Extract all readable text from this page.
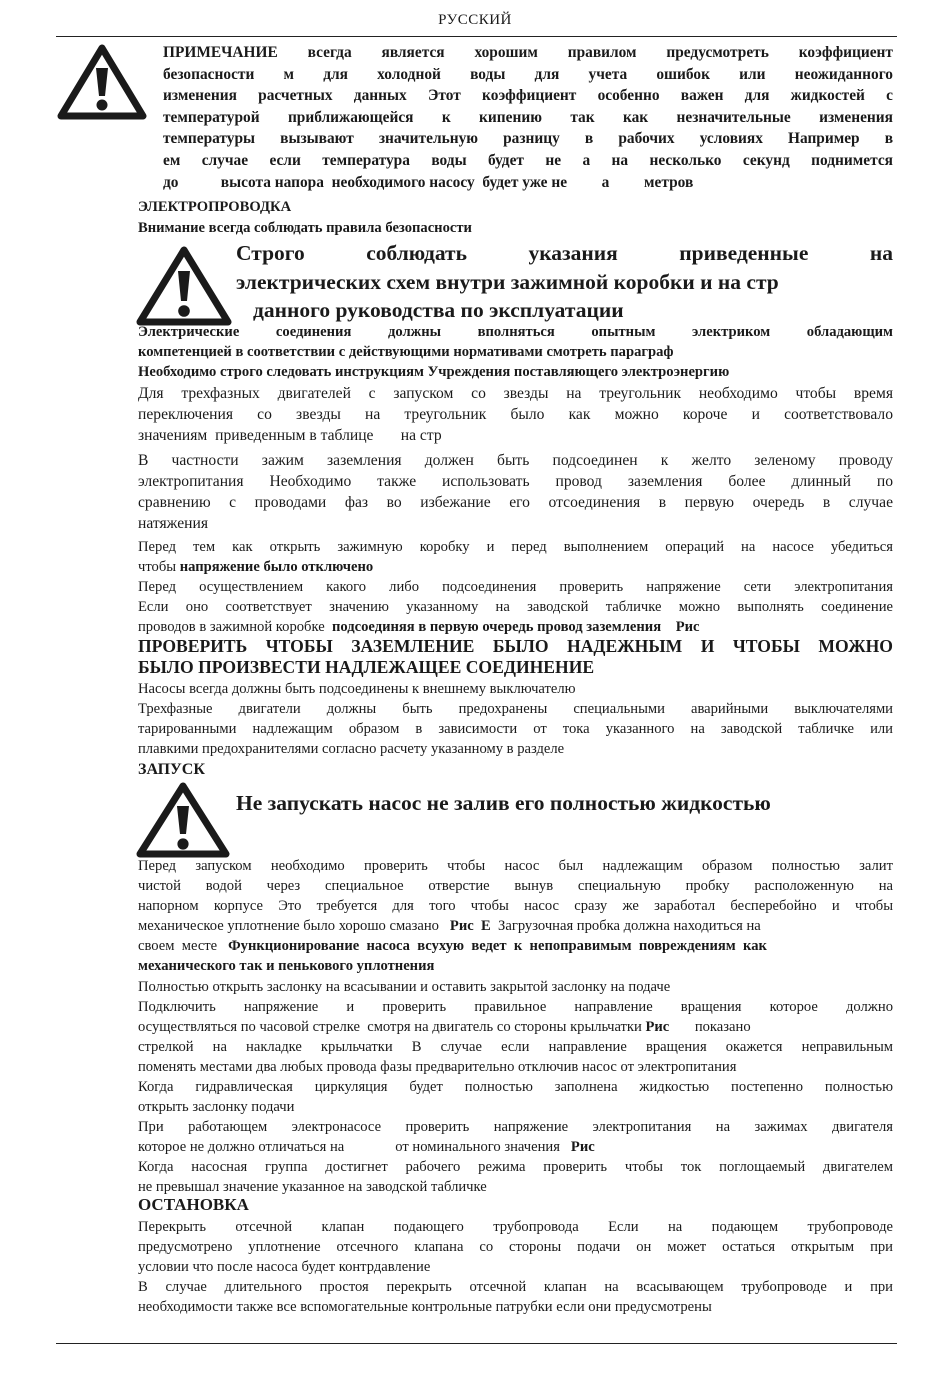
РУССКИЙ
ПРИМЕЧАНИЕ всегда является хорошим правилом предусмотреть коэффициент
безопасности м для холодной воды для учета ошибок или неожиданного
изменения расчетных данных Этот коэффициент особенно важен для жидкостей с
температурой приближающейся к кипению так как незначительные изменения
температуры вызывают значительную разницу в рабочих условиях Например в
ем случае если температура воды будет не а на несколько секунд поднимется
до           высота напора  необходимого насосу  будет уже не         а         метров
ЭЛЕКТРОПРОВОДКА
Внимание всегда соблюдать правила безопасности
Строго соблюдать указания приведенные на
электрических схем внутри зажимной коробки и на стр
данного руководства по эксплуатации
Электрические соединения должны вполняться опытным электриком обладающим
компетенцией в соответствии с действующими нормативами смотреть параграф
Необходимо строго следовать инструкциям Учреждения поставляющего электроэнергию
Для трехфазных двигателей с запуском со звезды на треугольник необходимо чтобы время
переключения со звезды на треугольник было как можно короче и соответствовало
значениям  приведенным в таблице       на стр
В частности зажим заземления должен быть подсоединен к желто зеленому проводу
электропитания Необходимо также использовать провод заземления более длинный по
сравнению с проводами фаз во избежание его отсоединения в первую очередь в случае
натяжения
Перед тем как открыть зажимную коробку и перед выполнением операций на насосе убедиться
чтобы напряжение было отключено
Перед осуществлением какого либо подсоединения проверить напряжение сети электропитания
Если оно соответствует значению указанному на заводской табличке можно выполнять соединение
проводов в зажимной коробке  подсоединяя в первую очередь провод заземления    Рис
ПРОВЕРИТЬ ЧТОБЫ ЗАЗЕМЛЕНИЕ БЫЛО НАДЕЖНЫМ И ЧТОБЫ МОЖНО
БЫЛО ПРОИЗВЕСТИ НАДЛЕЖАЩЕЕ СОЕДИНЕНИЕ
Насосы всегда должны быть подсоединены к внешнему выключателю
Трехфазные двигатели должны быть предохранены специальными аварийными выключателями
тарированными надлежащим образом в зависимости от тока указанного на заводской табличке или
плавкими предохранителями согласно расчету указанному в разделе
ЗАПУСК
Не запускать насос не залив его полностью жидкостью
Перед запуском необходимо проверить чтобы насос был надлежащим образом полностью залит
чистой водой через специальное отверстие вынув специальную пробку расположенную на
напорном корпусе Это требуется для того чтобы насос сразу же заработал бесперебойно и чтобы
механическое уплотнение было хорошо смазано   Рис  Е  Загрузочная пробка должна находиться на
своем  месте   Функционирование  насоса  всухую  ведет  к  непоправимым  повреждениям  как
механического так и пенькового уплотнения
Полностью открыть заслонку на всасывании и оставить закрытой заслонку на подаче
Подключить напряжение и проверить правильное направление вращения которое должно
осуществляться по часовой стрелке  смотря на двигатель со стороны крыльчатки Рис       показано
стрелкой на накладке крыльчатки В случае если направление вращения окажется неправильным
поменять местами два любых провода фазы предварительно отключив насос от электропитания
Когда гидравлическая циркуляция будет полностью заполнена жидкостью постепенно полностью
открыть заслонку подачи
При работающем электронасосе проверить напряжение электропитания на зажимах двигателя
которое не должно отличаться на              от номинального значения   Рис
Когда насосная группа достигнет рабочего режима проверить чтобы ток поглощаемый двигателем
не превышал значение указанное на заводской табличке
ОСТАНОВКА
Перекрыть отсечной клапан подающего трубопровода Если на подающем трубопроводе
предусмотрено уплотнение отсечного клапана со стороны подачи он может остаться открытым при
условии что после насоса будет контрдавление
В случае длительного простоя перекрыть отсечной клапан на всасывающем трубопроводе и при
необходимости также все вспомогательные контрольные патрубки если они предусмотрены
